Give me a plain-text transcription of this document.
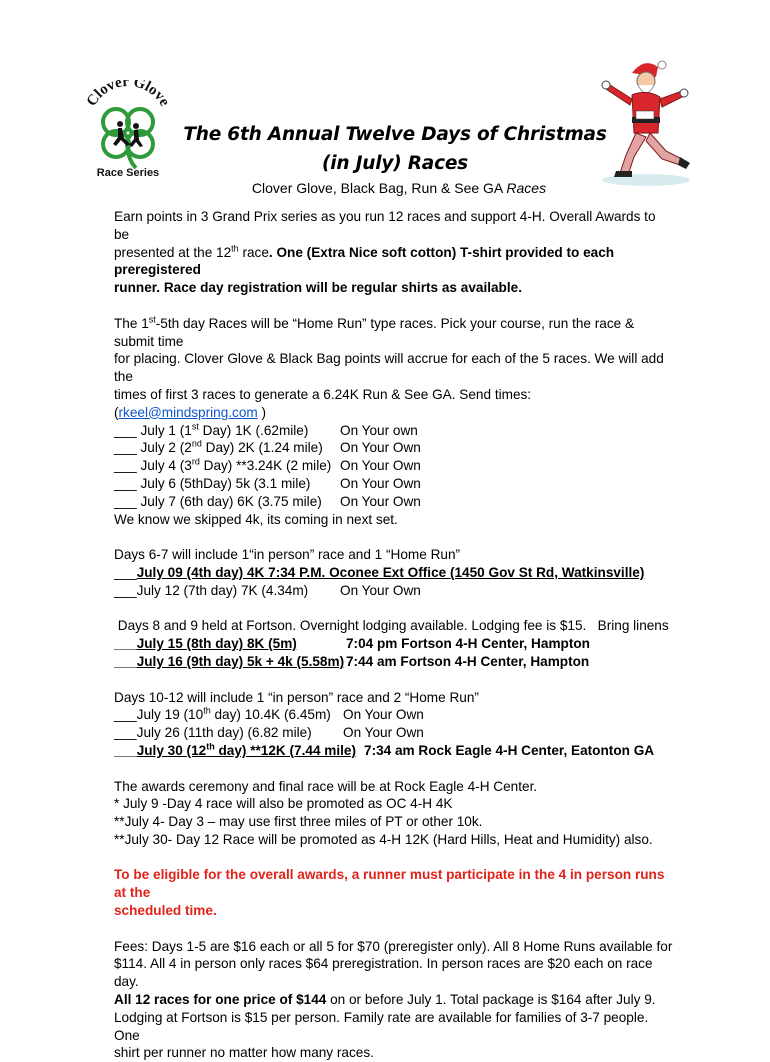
Clover Glove
Race Series
The 6th Annual Twelve Days of Christmas
(in July) Races
Clover Glove, Black Bag, Run & See GA Races
Earn points in 3 Grand Prix series as you run 12 races and support 4-H. Overall Awards to be
presented at the 12th race. One (Extra Nice soft cotton) T-shirt provided to each preregistered
runner. Race day registration will be regular shirts as available.
The 1st-5th day Races will be “Home Run” type races. Pick your course, run the race & submit time
for placing. Clover Glove & Black Bag points will accrue for each of the 5 races. We will add the
times of first 3 races to generate a 6.24K Run & See GA. Send times: (rkeel@mindspring.com )
___ July 1 (1st Day) 1K (.62mile)	On Your own
___ July 2 (2nd Day) 2K (1.24 mile)	On Your Own
___ July 4 (3rd Day) **3.24K (2 mile) On Your Own
___ July 6 (5thDay) 5k (3.1 mile)	On Your Own
___ July 7 (6th day) 6K (3.75 mile)	On Your Own
We know we skipped 4k, its coming in next set.
Days 6-7 will include 1“in person” race and 1 “Home Run”
___July 09 (4th day) 4K 7:34 P.M. Oconee Ext Office (1450 Gov St Rd, Watkinsville)
___July 12 (7th day) 7K (4.34m)	On Your Own
Days 8 and 9 held at Fortson. Overnight lodging available. Lodging fee is $15.   Bring linens
___July 15 (8th day) 8K (5m)	7:04 pm Fortson 4-H Center, Hampton
___July 16 (9th day) 5k + 4k (5.58m) 7:44 am Fortson 4-H Center, Hampton
Days 10-12 will include 1 “in person” race and 2 “Home Run”
___July 19 (10th day) 10.4K (6.45m) On Your Own
___July 26 (11th day) (6.82 mile)	On Your Own
___July 30 (12th day) **12K (7.44 mile) 7:34 am Rock Eagle 4-H Center, Eatonton GA
The awards ceremony and final race will be at Rock Eagle 4-H Center.
* July 9 -Day 4 race will also be promoted as OC 4-H 4K
**July 4- Day 3 – may use first three miles of PT or other 10k.
**July 30- Day 12 Race will be promoted as 4-H 12K (Hard Hills, Heat and Humidity) also.
To be eligible for the overall awards, a runner must participate in the 4 in person runs at the
scheduled time.
Fees: Days 1-5 are $16 each or all 5 for $70 (preregister only). All 8 Home Runs available for
$114. All 4 in person only races $64 preregistration. In person races are $20 each on race day.
All 12 races for one price of $144 on or before July 1. Total package is $164 after July 9.
Lodging at Fortson is $15 per person. Family rate are available for families of 3-7 people. One
shirt per runner no matter how many races.
